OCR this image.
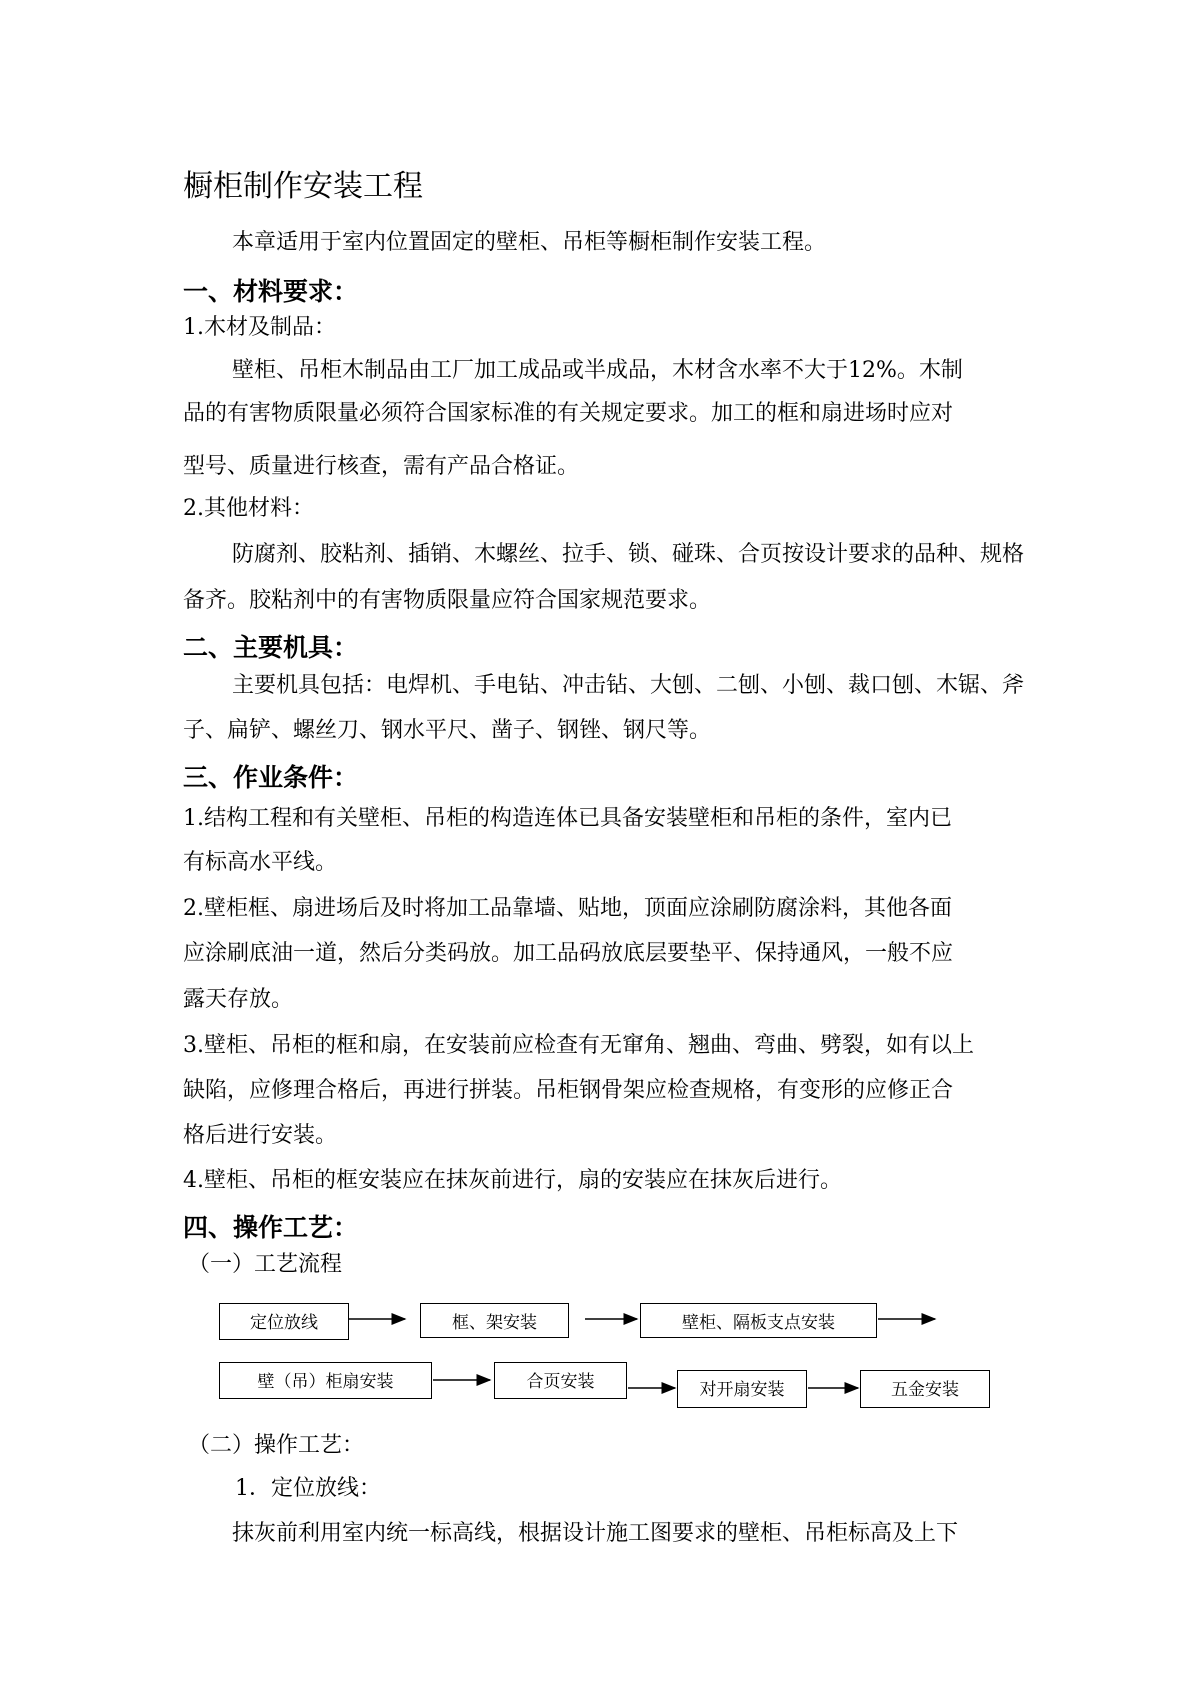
橱柜制作安装工程
本章适用于室内位置固定的壁柜、吊柜等橱柜制作安装工程。
一、材料要求：
1.木材及制品：
壁柜、吊柜木制品由工厂加工成品或半成品，木材含水率不大于12%。木制
品的有害物质限量必须符合国家标准的有关规定要求。加工的框和扇进场时应对
型号、质量进行核查，需有产品合格证。
2.其他材料：
防腐剂、胶粘剂、插销、木螺丝、拉手、锁、碰珠、合页按设计要求的品种、规格
备齐。胶粘剂中的有害物质限量应符合国家规范要求。
二、主要机具：
主要机具包括：电焊机、手电钻、冲击钻、大刨、二刨、小刨、裁口刨、木锯、斧
子、扁铲、螺丝刀、钢水平尺、凿子、钢锉、钢尺等。
三、作业条件：
1.结构工程和有关壁柜、吊柜的构造连体已具备安装壁柜和吊柜的条件，室内已
有标高水平线。
2.壁柜框、扇进场后及时将加工品靠墙、贴地，顶面应涂刷防腐涂料，其他各面
应涂刷底油一道，然后分类码放。加工品码放底层要垫平、保持通风，一般不应
露天存放。
3.壁柜、吊柜的框和扇，在安装前应检查有无窜角、翘曲、弯曲、劈裂，如有以上
缺陷，应修理合格后，再进行拼装。吊柜钢骨架应检查规格，有变形的应修正合
格后进行安装。
4.壁柜、吊柜的框安装应在抹灰前进行，扇的安装应在抹灰后进行。
四、操作工艺：
（一）工艺流程
定位放线	框、架安装	壁柜、隔板支点安装
壁（吊）柜扇安装	合页安装	对开扇安装	五金安装
（二）操作工艺：
1．定位放线：
抹灰前利用室内统一标高线，根据设计施工图要求的壁柜、吊柜标高及上下
